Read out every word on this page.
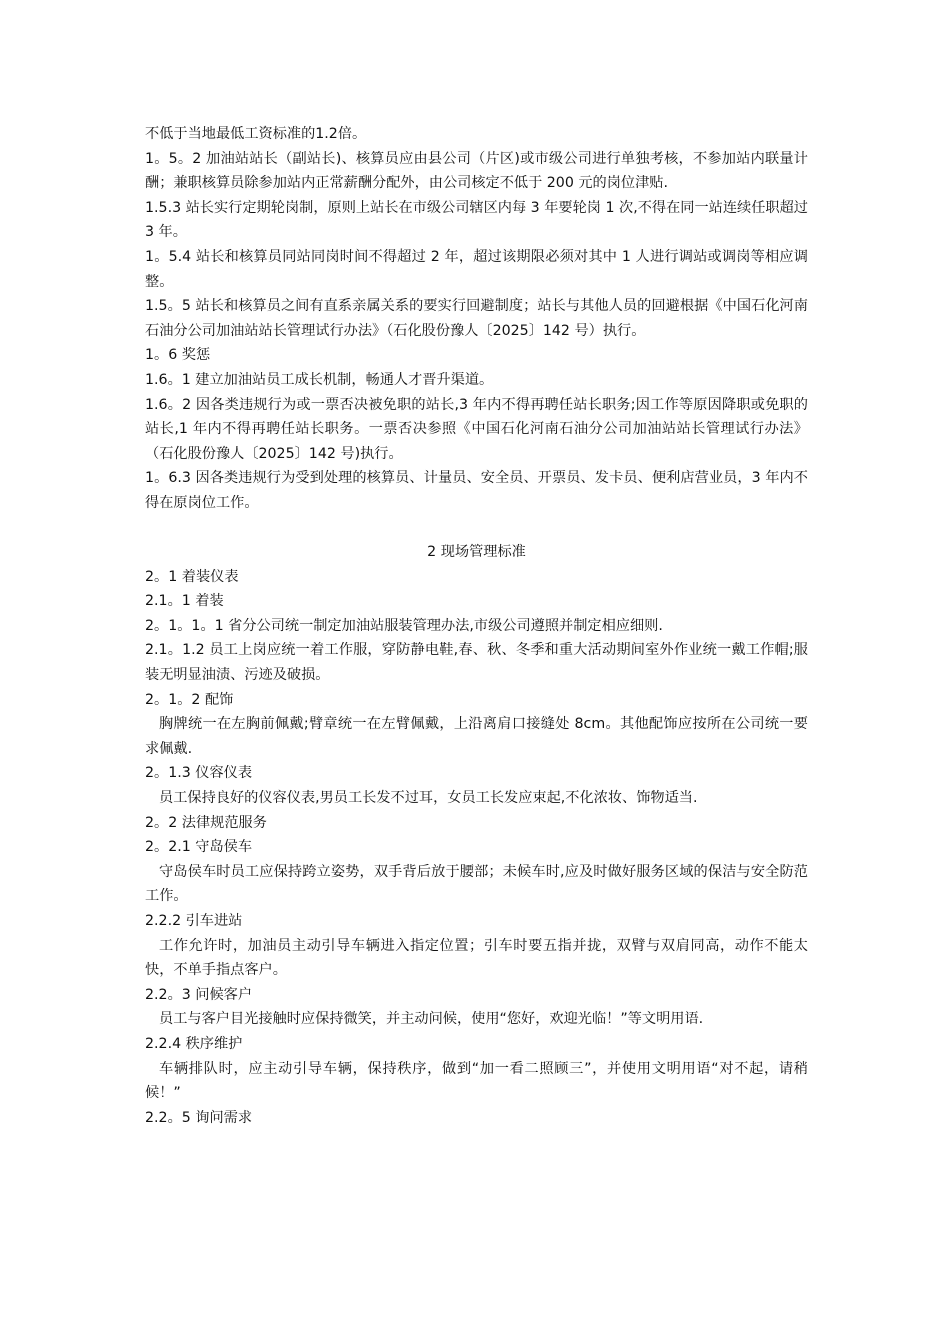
不低于当地最低工资标准的1.2倍。

1。5。2 加油站站长（副站长)、核算员应由县公司（片区)或市级公司进行单独考核，不参加站内联量计酬；兼职核算员除参加站内正常薪酬分配外，由公司核定不低于 200 元的岗位津贴.

1.5.3 站长实行定期轮岗制，原则上站长在市级公司辖区内每 3 年要轮岗 1 次,不得在同一站连续任职超过 3 年。

1。5.4 站长和核算员同站同岗时间不得超过 2 年，超过该期限必须对其中 1 人进行调站或调岗等相应调整。

1.5。5 站长和核算员之间有直系亲属关系的要实行回避制度；站长与其他人员的回避根据《中国石化河南石油分公司加油站站长管理试行办法》（石化股份豫人〔2025〕142 号）执行。

1。6 奖惩

1.6。1 建立加油站员工成长机制，畅通人才晋升渠道。

1.6。2 因各类违规行为或一票否决被免职的站长,3 年内不得再聘任站长职务;因工作等原因降职或免职的站长,1 年内不得再聘任站长职务。一票否决参照《中国石化河南石油分公司加油站站长管理试行办法》（石化股份豫人〔2025〕142 号)执行。

1。6.3 因各类违规行为受到处理的核算员、计量员、安全员、开票员、发卡员、便利店营业员，3 年内不得在原岗位工作。

2 现场管理标准

2。1 着装仪表

2.1。1 着装

2。1。1。1 省分公司统一制定加油站服装管理办法,市级公司遵照并制定相应细则.

2.1。1.2 员工上岗应统一着工作服，穿防静电鞋,春、秋、冬季和重大活动期间室外作业统一戴工作帽;服装无明显油渍、污迹及破损。

2。1。2 配饰

胸牌统一在左胸前佩戴;臂章统一在左臂佩戴，上沿离肩口接缝处 8cm。其他配饰应按所在公司统一要求佩戴.

2。1.3 仪容仪表

员工保持良好的仪容仪表,男员工长发不过耳，女员工长发应束起,不化浓妆、饰物适当.

2。2 法律规范服务

2。2.1 守岛侯车

守岛侯车时员工应保持跨立姿势，双手背后放于腰部；未候车时,应及时做好服务区域的保洁与安全防范工作。

2.2.2 引车进站

工作允许时，加油员主动引导车辆进入指定位置；引车时要五指并拢，双臂与双肩同高，动作不能太快，不单手指点客户。

2.2。3 问候客户

员工与客户目光接触时应保持微笑，并主动问候，使用“您好，欢迎光临！”等文明用语.

2.2.4 秩序维护

车辆排队时，应主动引导车辆，保持秩序，做到“加一看二照顾三”，并使用文明用语“对不起，请稍候！”

2.2。5 询问需求
